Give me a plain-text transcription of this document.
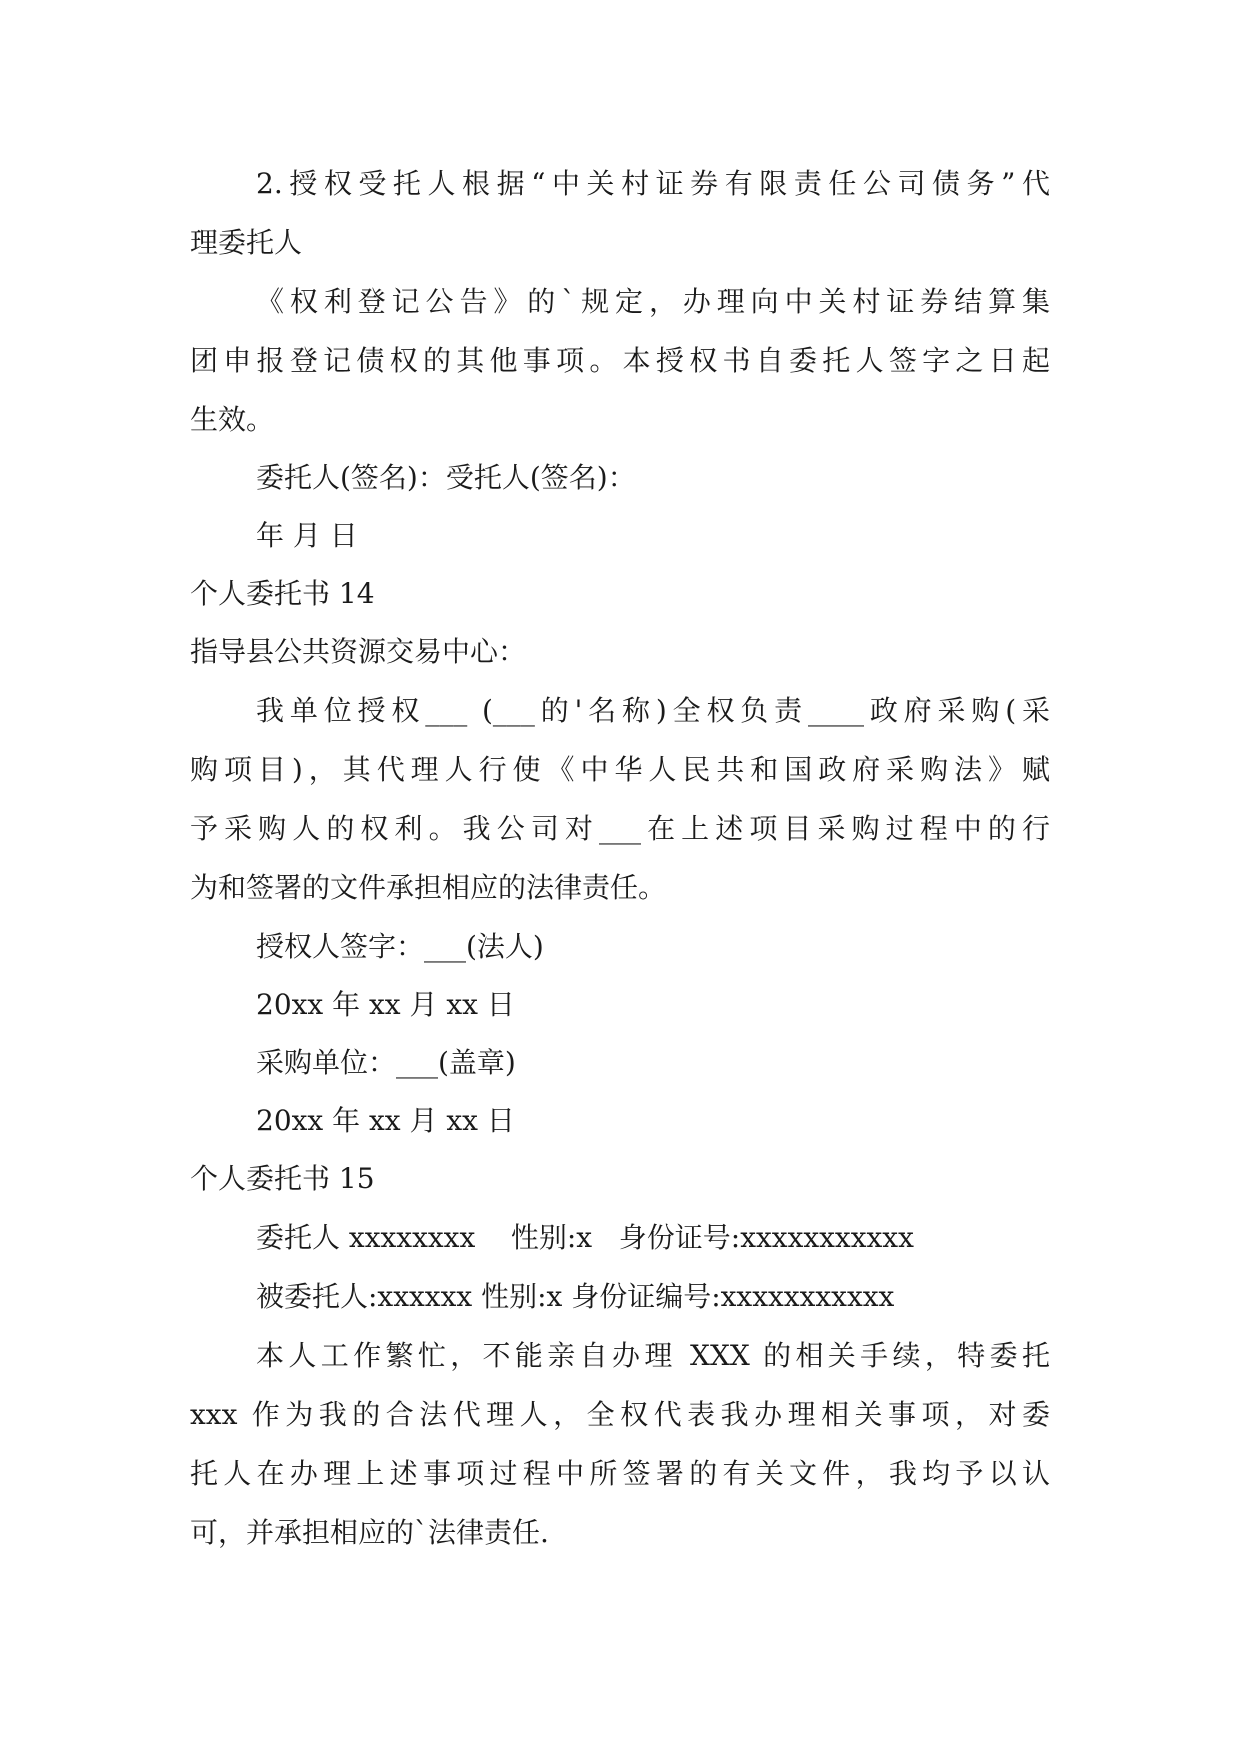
2.授权受托人根据“中关村证券有限责任公司债务”代
理委托人
《权利登记公告》的`规定，办理向中关村证券结算集
团申报登记债权的其他事项。本授权书自委托人签字之日起
生效。
委托人(签名)：受托人(签名)：
年 月 日
个人委托书 14
指导县公共资源交易中心：
我单位授权___ (___的'名称)全权负责____政府采购(采
购项目)，其代理人行使《中华人民共和国政府采购法》赋
予采购人的权利。我公司对___在上述项目采购过程中的行
为和签署的文件承担相应的法律责任。
授权人签字：___(法人)
20xx 年 xx 月 xx 日
采购单位：___(盖章)
20xx 年 xx 月 xx 日
个人委托书 15
委托人 xxxxxxxx    性别:x   身份证号:xxxxxxxxxxx
被委托人:xxxxxx 性别:x 身份证编号:xxxxxxxxxxx
本人工作繁忙，不能亲自办理 XXX 的相关手续，特委托
xxx 作为我的合法代理人，全权代表我办理相关事项，对委
托人在办理上述事项过程中所签署的有关文件，我均予以认
可，并承担相应的`法律责任.
